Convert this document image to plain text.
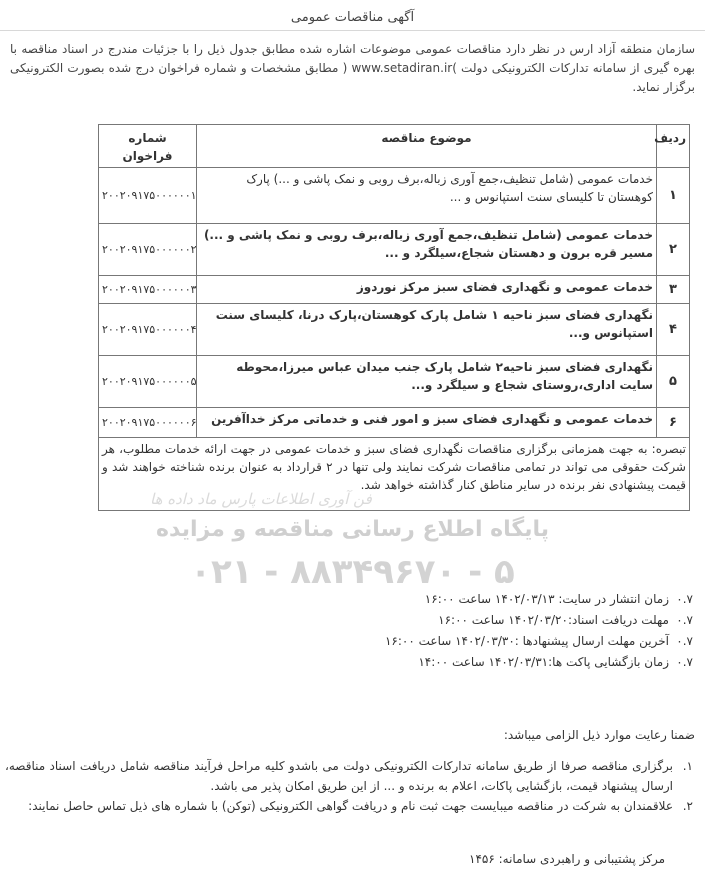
آگهی مناقصات عمومی

سازمان منطقه آزاد ارس در نظر دارد مناقصات عمومی موضوعات اشاره شده مطابق جدول ذیل را با جزئیات مندرج در اسناد مناقصه با بهره گیری از سامانه تدارکات الکترونیکی دولت )www.setadiran.ir ( مطابق مشخصات و شماره فراخوان درج شده بصورت الکترونیکی برگزار نماید.

فن آوری اطلاعات پارس ماد داده ها
پایگاه اطلاع رسانی مناقصه و مزایده
۰۲۱ - ۸۸۳۴۹۶۷۰ - ۵
ردیف	موضوع مناقصه	شماره فراخوان
۱	خدمات عمومی (شامل تنظیف،جمع آوری زباله،برف روبی و نمک پاشی و ...) پارک کوهستان تا کلیسای سنت استپانوس و ...	۲۰۰۲۰۹۱۷۵۰۰۰۰۰۰۱
۲	خدمات عمومی (شامل تنظیف،جمع آوری زباله،برف روبی و نمک پاشی و ...) مسیر قره برون و دهستان شجاع،سیلگرد و ...	۲۰۰۲۰۹۱۷۵۰۰۰۰۰۰۲
۳	خدمات عمومی و نگهداری فضای سبز مرکز نوردوز	۲۰۰۲۰۹۱۷۵۰۰۰۰۰۰۳
۴	نگهداری فضای سبز ناحیه ۱ شامل پارک کوهستان،پارک درنا، کلیسای سنت استپانوس و...	۲۰۰۲۰۹۱۷۵۰۰۰۰۰۰۴
۵	نگهداری فضای سبز ناحیه۲ شامل پارک جنب میدان عباس میرزا،محوطه سایت اداری،روستای شجاع و سیلگرد و...	۲۰۰۲۰۹۱۷۵۰۰۰۰۰۰۵
۶	خدمات عمومی و نگهداری فضای سبز و امور فنی و خدماتی مرکز خداآفرین	۲۰۰۲۰۹۱۷۵۰۰۰۰۰۰۶
تبصره: به جهت همزمانی برگزاری مناقصات نگهداری فضای سبز و خدمات عمومی در جهت ارائه خدمات مطلوب، هر شرکت حقوقی می تواند در تمامی مناقصات شرکت نمایند ولی تنها در ۲ قرارداد به عنوان برنده شناخته خواهند شد و قیمت پیشنهادی نفر برنده در سایر مناطق کنار گذاشته خواهد شد.		
۰.۷
زمان انتشار در سایت: ۱۴۰۲/۰۳/۱۳ ساعت ۱۶:۰۰
۰.۷
مهلت دریافت اسناد:۱۴۰۲/۰۳/۲۰ ساعت ۱۶:۰۰
۰.۷
آخرین مهلت ارسال پیشنهادها :۱۴۰۲/۰۳/۳۰ ساعت ۱۶:۰۰
۰.۷
زمان بازگشایی پاکت ها:۱۴۰۲/۰۳/۳۱ ساعت ۱۴:۰۰

ضمنا رعایت موارد ذیل الزامی میباشد:

۱.
برگزاری مناقصه صرفا از طریق سامانه تدارکات الکترونیکی دولت می باشدو کلیه مراحل فرآیند مناقصه شامل دریافت اسناد مناقصه، ارسال پیشنهاد قیمت، بازگشایی پاکات، اعلام به برنده و ... از این طریق امکان پذیر می باشد.
۲.
علاقمندان به شرکت در مناقصه میبایست جهت ثبت نام و دریافت گواهی الکترونیکی (توکن) با شماره های ذیل تماس حاصل نمایند:

مرکز پشتیبانی و راهبردی سامانه: ۱۴۵۶
